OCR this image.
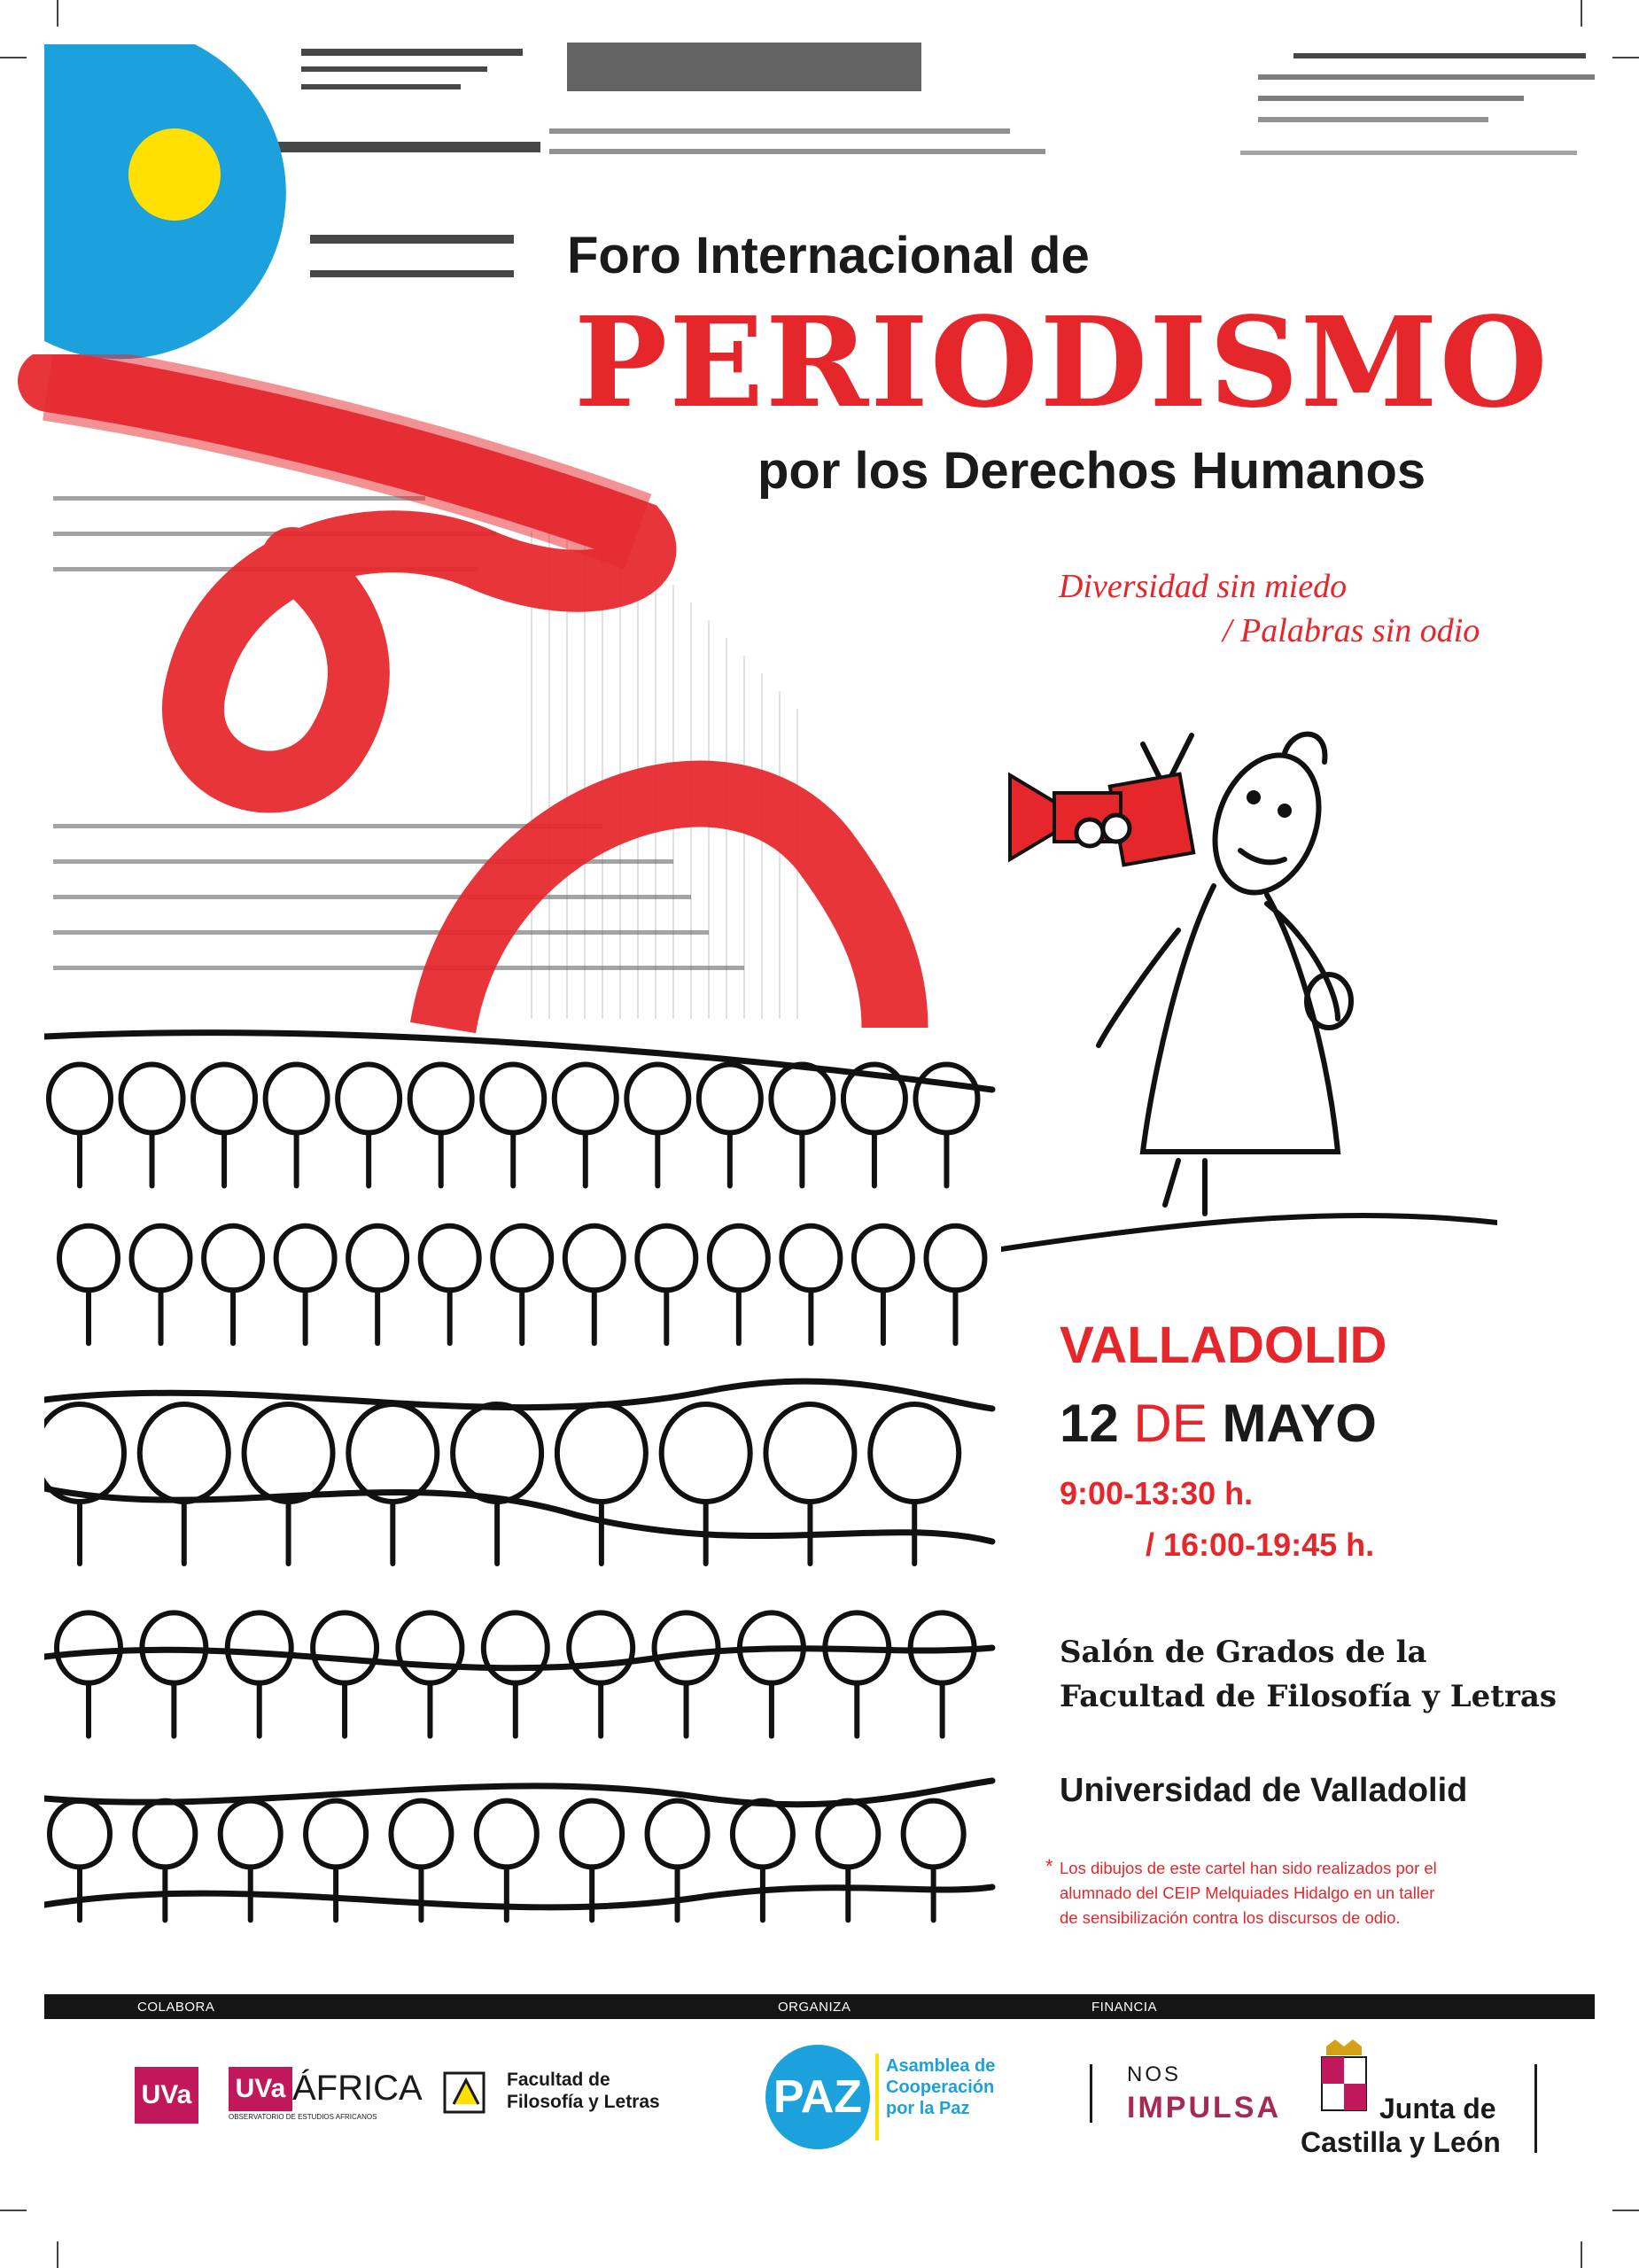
Foro Internacional de
PERIODISMO
por los Derechos Humanos
Diversidad sin miedo
/ Palabras sin odio
VALLADOLID
12 DE MAYO
9:00-13:30 h.
/ 16:00-19:45 h.
Salón de Grados de la
Facultad de Filosofía y Letras
Universidad de Valladolid
* Los dibujos de este cartel han sido realizados por el
alumnado del CEIP Melquiades Hidalgo en un taller
de sensibilización contra los discursos de odio.
COLABORA	ORGANIZA	FINANCIA
UVa UVa ÁFRICA
OBSERVATORIO DE ESTUDIOS AFRICANOS
Facultad de
Filosofía y Letras PAZ
Asamblea de
Cooperación
por la Paz
NOS
IMPULSA	Junta de
Castilla y León
